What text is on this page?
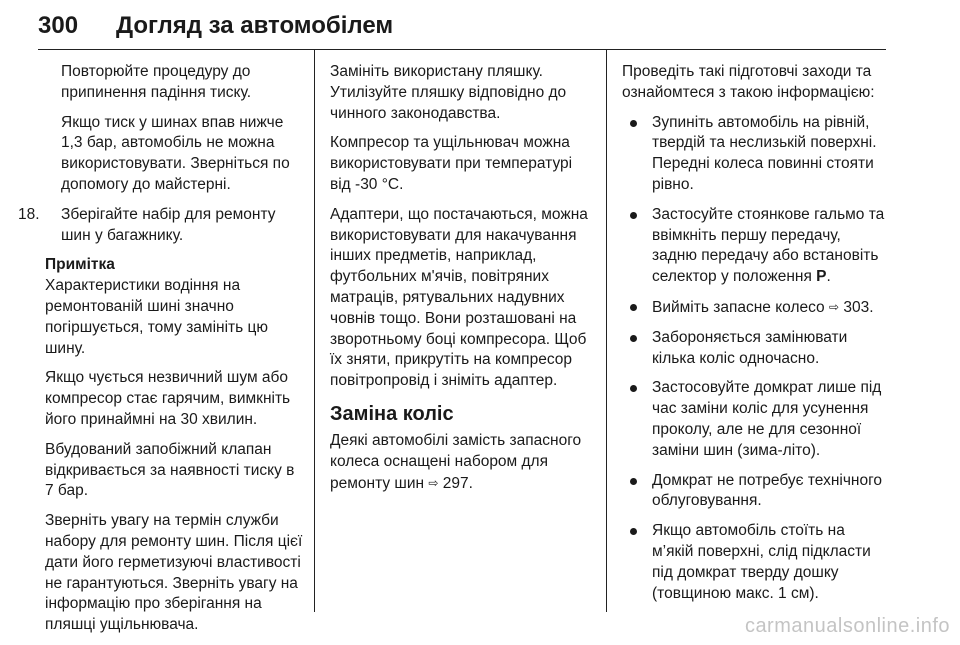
300 Догляд за автомобілем

Повторюйте процедуру до припинення падіння тиску.

Якщо тиск у шинах впав нижче 1,3 бар, автомобіль не можна використовувати. Зверніться по допомогу до майстерні.

18. Зберігайте набір для ремонту шин у багажнику.

Примітка

Характеристики водіння на ремонтованій шині значно погіршується, тому замініть цю шину.

Якщо чується незвичний шум або компресор стає гарячим, вимкніть його принаймні на 30 хвилин.

Вбудований запобіжний клапан відкривається за наявності тиску в 7 бар.

Зверніть увагу на термін служби набору для ремонту шин. Після цієї дати його герметизуючі властивості не гарантуються. Зверніть увагу на інформацію про зберігання на пляшці ущільнювача.

Замініть використану пляшку. Утилізуйте пляшку відповідно до чинного законодавства.

Компресор та ущільнювач можна використовувати при температурі від -30 °C.

Адаптери, що постачаються, можна використовувати для накачування інших предметів, наприклад, футбольних м'ячів, повітряних матраців, рятувальних надувних човнів тощо. Вони розташовані на зворотньому боці компресора. Щоб їх зняти, прикрутіть на компресор повітропровід і зніміть адаптер.

Заміна коліс

Деякі автомобілі замість запасного колеса оснащені набором для ремонту шин ⇨ 297.

Проведіть такі підготовчі заходи та ознайомтеся з такою інформацією:

Зупиніть автомобіль на рівній, твердій та неслизькій поверхні. Передні колеса повинні стояти рівно.
Застосуйте стоянкове гальмо та ввімкніть першу передачу, задню передачу або встановіть селектор у положення P.
Вийміть запасне колесо ⇨ 303.
Забороняється замінювати кілька коліс одночасно.
Застосовуйте домкрат лише під час заміни коліс для усунення проколу, але не для сезонної заміни шин (зима-літо).
Домкрат не потребує технічного облуговування.
Якщо автомобіль стоїть на м’якій поверхні, слід підкласти під домкрат тверду дошку (товщиною макс. 1 см).
carmanualsonline.info
